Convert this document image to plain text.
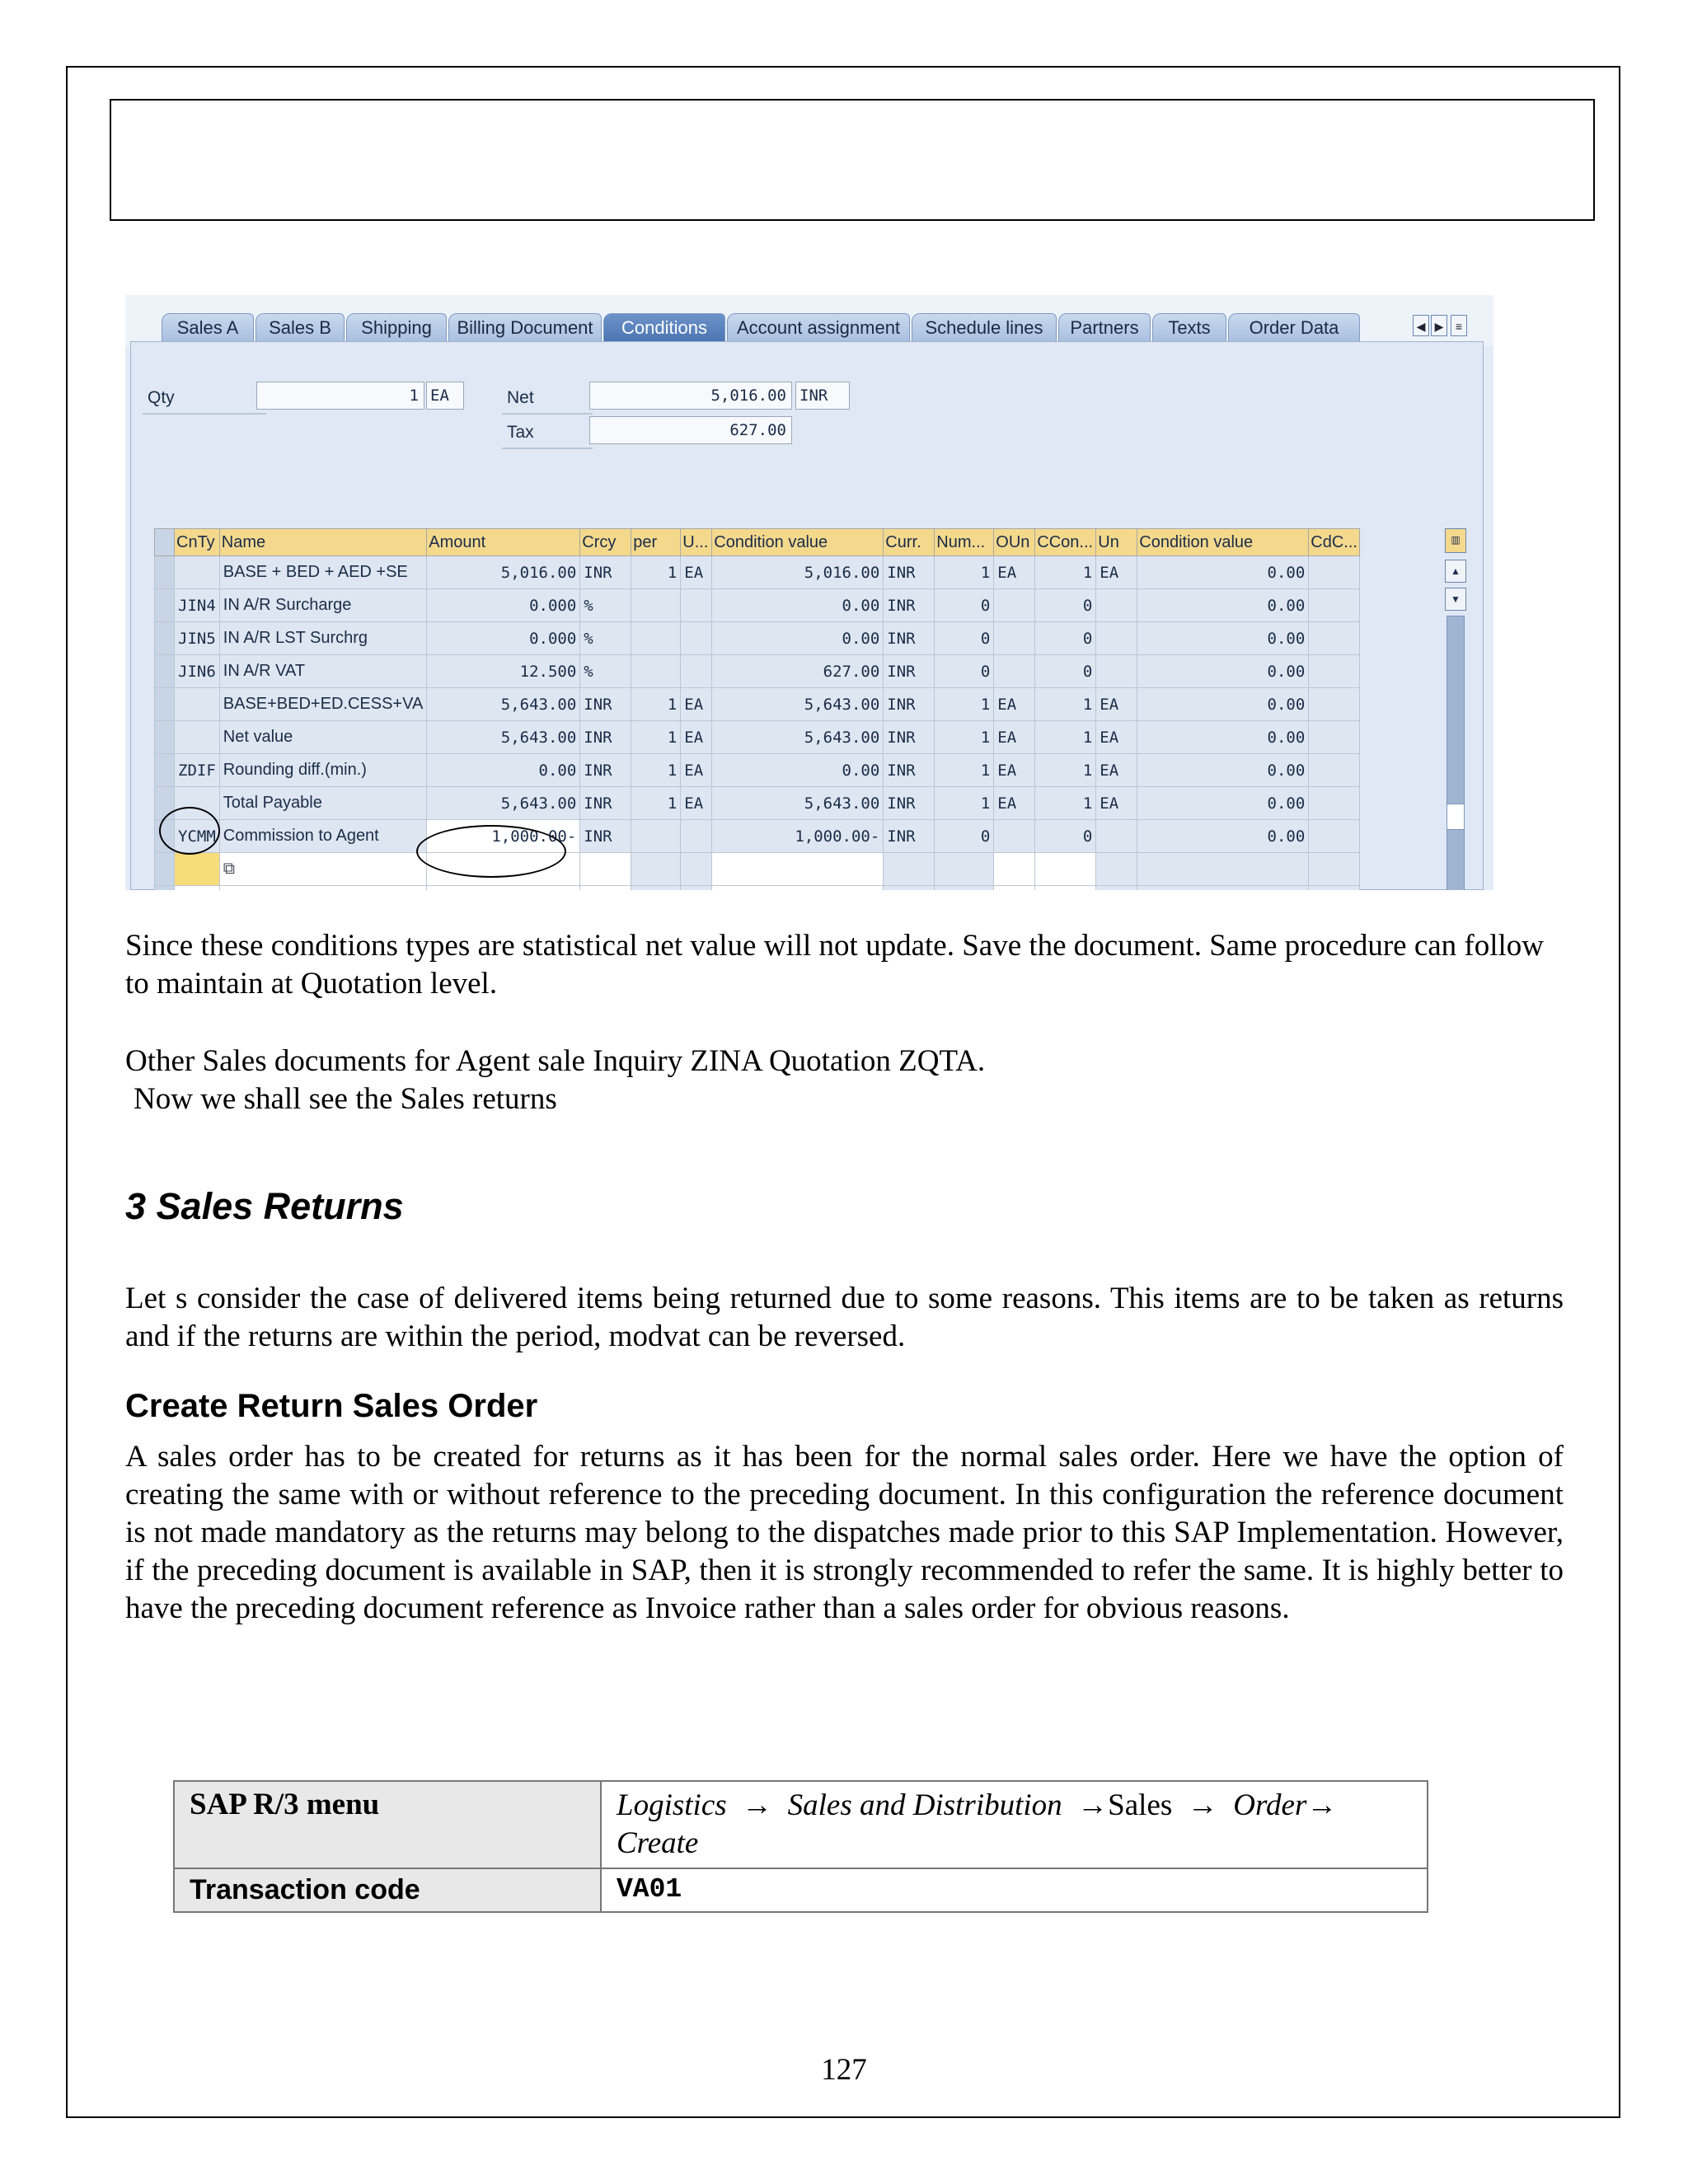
Sales A	Sales B	Shipping	Billing Document	Conditions	Account assignment	Schedule lines	Partners	Texts	Order Data	◀ ▶	≡
Qty	1 EA	Net	5,016.00 INR
Tax	627.00
	CnTy	Name	Amount	Crcy	per	U...	Condition value	Curr.	Num...	OUn	CCon...	Un	Condition value	CdC...
		BASE + BED + AED +SE	5,016.00	INR	1	EA	5,016.00	INR	1	EA	1	EA	0.00	
	JIN4	IN A/R Surcharge	0.000	%			0.00	INR	0		0		0.00	
	JIN5	IN A/R LST Surchrg	0.000	%			0.00	INR	0		0		0.00	
	JIN6	IN A/R VAT	12.500	%			627.00	INR	0		0		0.00	
		BASE+BED+ED.CESS+VA	5,643.00	INR	1	EA	5,643.00	INR	1	EA	1	EA	0.00	
		Net value	5,643.00	INR	1	EA	5,643.00	INR	1	EA	1	EA	0.00	
	ZDIF	Rounding diff.(min.)	0.00	INR	1	EA	0.00	INR	1	EA	1	EA	0.00	
		Total Payable	5,643.00	INR	1	EA	5,643.00	INR	1	EA	1	EA	0.00	
	YCMM	Commission to Agent	1,000.00-	INR			1,000.00-	INR	0		0		0.00	
		⧉												

▥
▲
▼
Since these conditions types are statistical net value will not update. Save the document. Same procedure can follow to maintain at Quotation level.
Other Sales documents for Agent sale Inquiry ZINA Quotation ZQTA.
Now we shall see the Sales returns
3 Sales Returns
Let s consider the case of delivered items being returned due to some reasons. This items are to be taken as returns and if the returns are within the period, modvat can be reversed.
Create Return Sales Order
A sales order has to be created for returns as it has been for the normal sales order. Here we have the option of creating the same with or without reference to the preceding document. In this configuration the reference document is not made mandatory as the returns may belong to the dispatches made prior to this SAP Implementation. However, if the preceding document is available in SAP, then it is strongly recommended to refer the same. It is highly better to have the preceding document reference as Invoice rather than a sales order for obvious reasons.
SAP R/3 menu	Logistics → Sales and Distribution →Sales → Order→
Create

Transaction code	VA01
127
